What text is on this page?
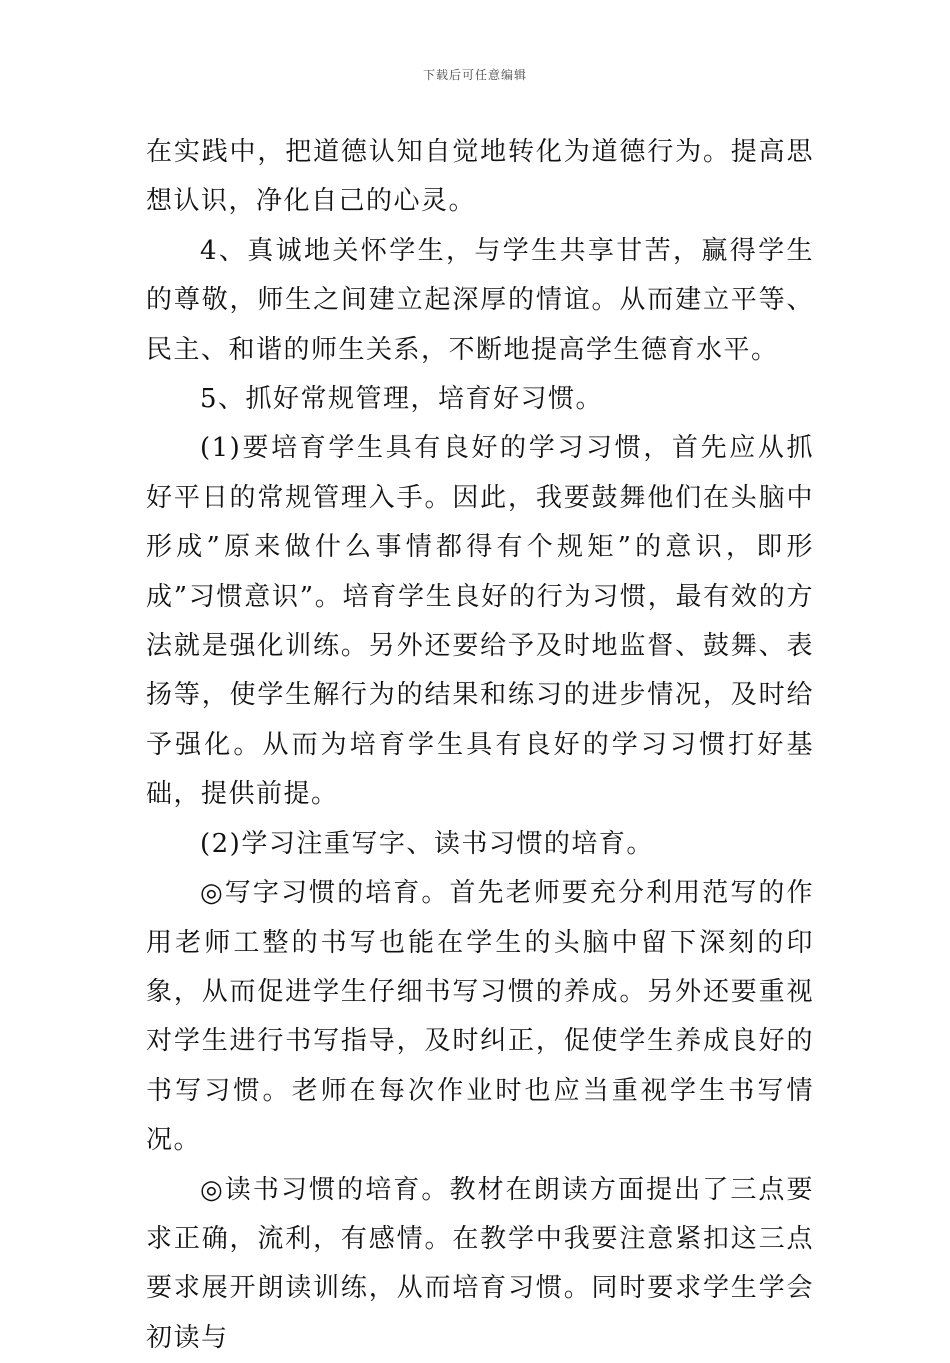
下载后可任意编辑

在实践中，把道德认知自觉地转化为道德行为。提高思想认识，净化自己的心灵。

4、真诚地关怀学生，与学生共享甘苦，赢得学生的尊敬，师生之间建立起深厚的情谊。从而建立平等、民主、和谐的师生关系，不断地提高学生德育水平。

5、抓好常规管理，培育好习惯。

(1)要培育学生具有良好的学习习惯，首先应从抓好平日的常规管理入手。因此，我要鼓舞他们在头脑中形成”原来做什么事情都得有个规矩”的意识，即形成”习惯意识”。培育学生良好的行为习惯，最有效的方法就是强化训练。另外还要给予及时地监督、鼓舞、表扬等，使学生解行为的结果和练习的进步情况，及时给予强化。从而为培育学生具有良好的学习习惯打好基础，提供前提。

(2)学习注重写字、读书习惯的培育。

◎写字习惯的培育。首先老师要充分利用范写的作用老师工整的书写也能在学生的头脑中留下深刻的印象，从而促进学生仔细书写习惯的养成。另外还要重视对学生进行书写指导，及时纠正，促使学生养成良好的书写习惯。老师在每次作业时也应当重视学生书写情况。

◎读书习惯的培育。教材在朗读方面提出了三点要求正确，流利，有感情。在教学中我要注意紧扣这三点要求展开朗读训练，从而培育习惯。同时要求学生学会初读与
